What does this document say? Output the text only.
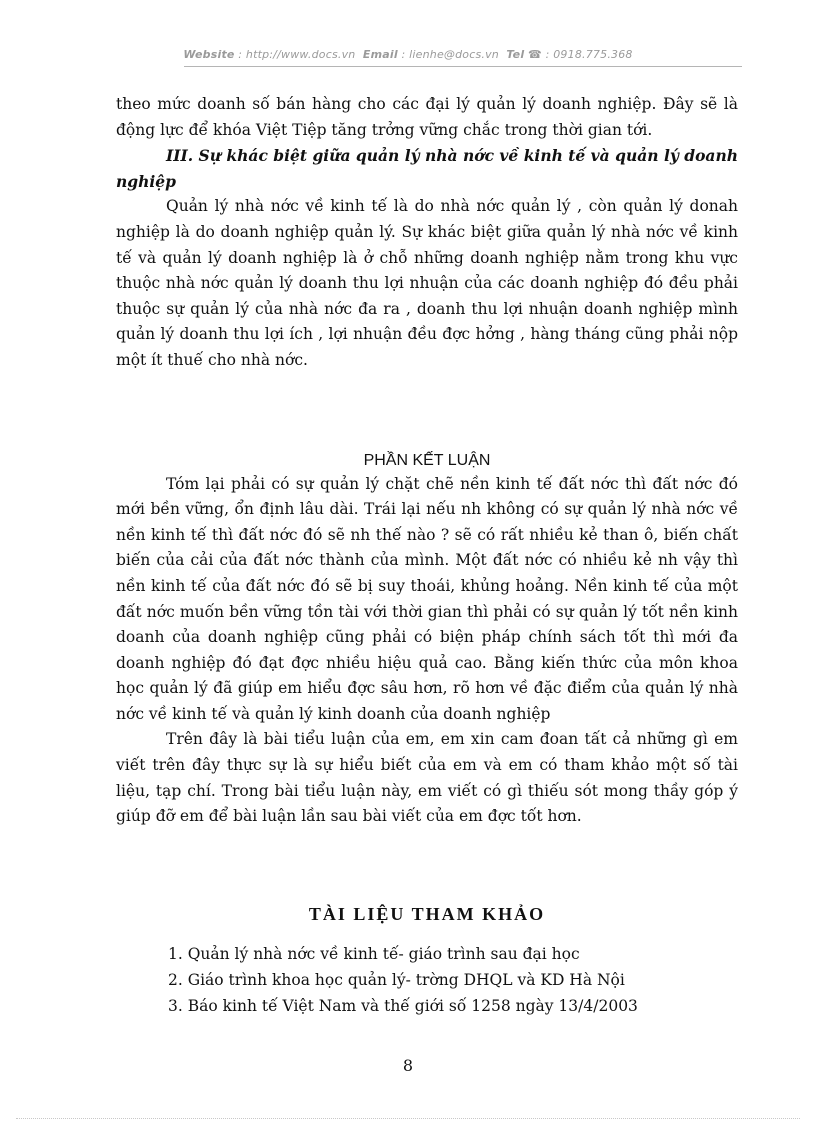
Website : http://www.docs.vn Email : lienhe@docs.vn Tel ☎ : 0918.775.368

theo mức doanh số bán hàng cho các đại lý quản lý doanh nghiệp. Đây sẽ là động lực để khóa Việt Tiệp tăng trởng vững chắc trong thời gian tới.

III. Sự khác biệt giữa quản lý nhà nớc về kinh tế và quản lý doanh nghiệp

Quản lý nhà nớc về kinh tế là do nhà nớc quản lý , còn quản lý donah nghiệp là do doanh nghiệp quản lý. Sự khác biệt giữa quản lý nhà nớc về kinh tế và quản lý doanh nghiệp là ở chỗ những doanh nghiệp nằm trong khu vực thuộc nhà nớc quản lý doanh thu lợi nhuận của các doanh nghiệp đó đều phải thuộc sự quản lý của nhà nớc đa ra , doanh thu lợi nhuận doanh nghiệp mình quản lý doanh thu lợi ích , lợi nhuận đều đợc hởng , hàng tháng cũng phải nộp một ít thuế cho nhà nớc.

PHẦN KẾT LUẬN

Tóm lại phải có sự quản lý chặt chẽ nền kinh tế đất nớc thì đất nớc đó mới bền vững, ổn định lâu dài. Trái lại nếu nh không có sự quản lý nhà nớc về nền kinh tế thì đất nớc đó sẽ nh thế nào ? sẽ có rất nhiều kẻ than ô, biến chất biến của cải của đất nớc thành của mình. Một đất nớc có nhiều kẻ nh vậy thì nền kinh tế của đất nớc đó sẽ bị suy thoái, khủng hoảng. Nền kinh tế của một đất nớc muốn bền vững tồn tài với thời gian thì phải có sự quản lý tốt nền kinh doanh của doanh nghiệp cũng phải có biện pháp chính sách tốt thì mới đa doanh nghiệp đó đạt đợc nhiều hiệu quả cao. Bằng kiến thức của môn khoa học quản lý đã giúp em hiểu đợc sâu hơn, rõ hơn về đặc điểm của quản lý nhà nớc về kinh tế và quản lý kinh doanh của doanh nghiệp

Trên đây là bài tiểu luận của em, em xin cam đoan tất cả những gì em viết trên đây thực sự là sự hiểu biết của em và em có tham khảo một số tài liệu, tạp chí. Trong bài tiểu luận này, em viết có gì thiếu sót mong thầy góp ý giúp đỡ em để bài luận lần sau bài viết của em đợc tốt hơn.

TÀI LIỆU THAM KHẢO

1. Quản lý nhà nớc về kinh tế- giáo trình sau đại học
2. Giáo trình khoa học quản lý- trờng DHQL và KD Hà Nội
3. Báo kinh tế Việt Nam và thế giới số 1258 ngày 13/4/2003
8
